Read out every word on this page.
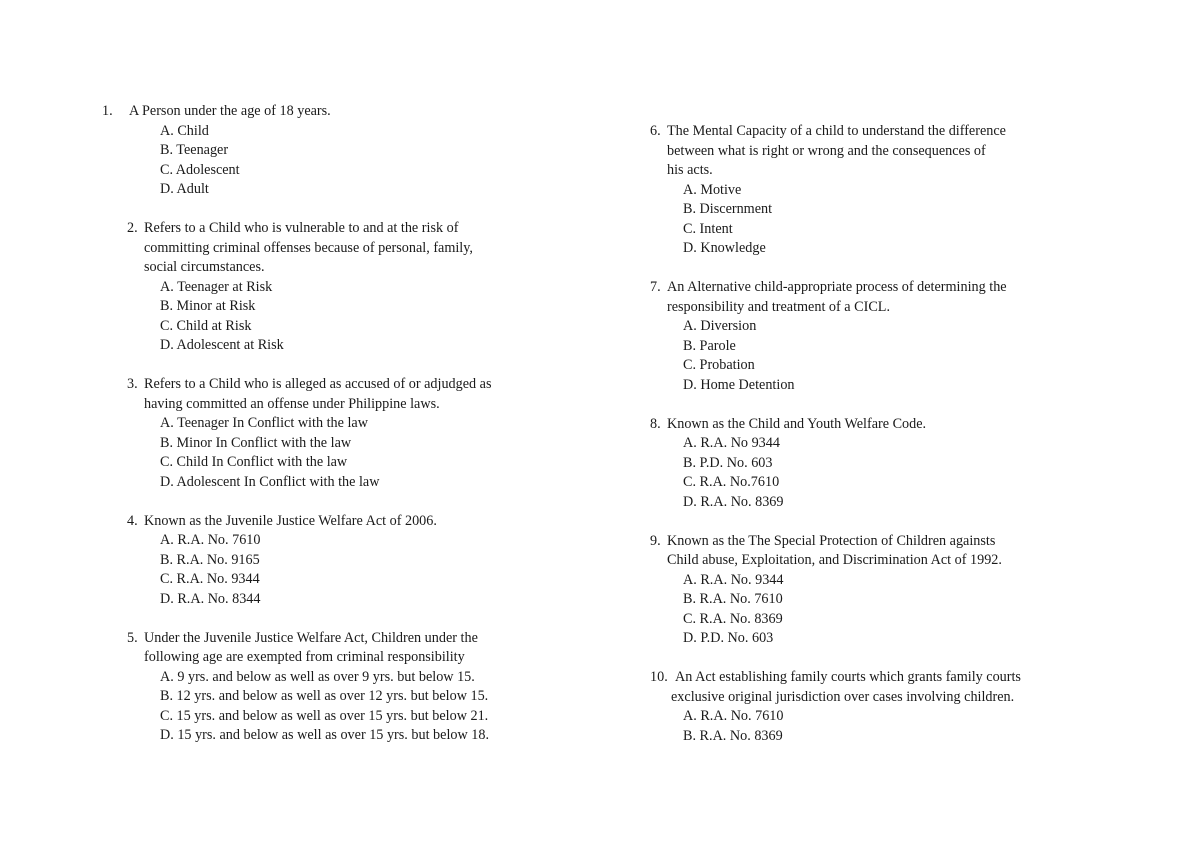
1. A Person under the age of 18 years.
A. Child
B. Teenager
C. Adolescent
D. Adult
2. Refers to a Child who is vulnerable to and at the risk of
committing criminal offenses because of personal, family,
social circumstances.
A. Teenager at Risk
B. Minor at Risk
C. Child at Risk
D. Adolescent at Risk
3. Refers to a Child who is alleged as accused of or adjudged as
having committed an offense under Philippine laws.
A. Teenager In Conflict with the law
B. Minor In Conflict with the law
C. Child In Conflict with the law
D. Adolescent In Conflict with the law
4. Known as the Juvenile Justice Welfare Act of 2006.
A. R.A. No. 7610
B. R.A. No. 9165
C. R.A. No. 9344
D. R.A. No. 8344
5. Under the Juvenile Justice Welfare Act, Children under the
following age are exempted from criminal responsibility
A. 9 yrs. and below as well as over 9 yrs. but below 15.
B. 12 yrs. and below as well as over 12 yrs. but below 15.
C. 15 yrs. and below as well as over 15 yrs. but below 21.
D. 15 yrs. and below as well as over 15 yrs. but below 18.
6. The Mental Capacity of a child to understand the difference
between what is right or wrong and the consequences of
his acts.
A. Motive
B. Discernment
C. Intent
D. Knowledge
7. An Alternative child-appropriate process of determining the
responsibility and treatment of a CICL.
A. Diversion
B. Parole
C. Probation
D. Home Detention
8. Known as the Child and Youth Welfare Code.
A. R.A. No 9344
B. P.D. No. 603
C. R.A. No.7610
D. R.A. No. 8369
9. Known as the The Special Protection of Children againsts
Child abuse, Exploitation, and Discrimination Act of 1992.
A. R.A. No. 9344
B. R.A. No. 7610
C. R.A. No. 8369
D. P.D. No. 603
10. An Act establishing family courts which grants family courts
exclusive original jurisdiction over cases involving children.
A. R.A. No. 7610
B. R.A. No. 8369
